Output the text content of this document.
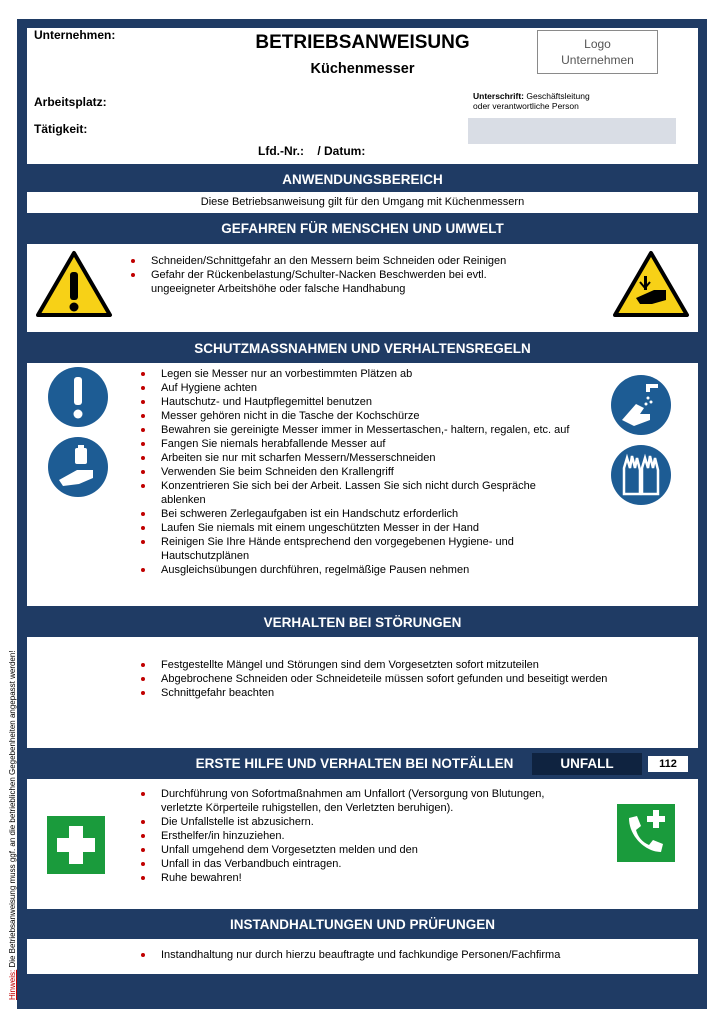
Hinweis: Die Betriebsanweisung muss ggf. an die betrieblichen Gegebenheiten angepasst werden!
Unternehmen:
Arbeitsplatz:
Tätigkeit:
BETRIEBSANWEISUNG
Küchenmesser
Lfd.-Nr.:    / Datum:
Logo
Unternehmen
Unterschrift: Geschäftsleitung
oder verantwortliche Person
ANWENDUNGSBEREICH
Diese Betriebsanweisung gilt für den Umgang mit Küchenmessern
GEFAHREN FÜR MENSCHEN UND UMWELT
Schneiden/Schnittgefahr an den Messern beim Schneiden oder Reinigen
Gefahr der Rückenbelastung/Schulter-Nacken Beschwerden bei evtl. ungeeigneter Arbeitshöhe oder falsche Handhabung
SCHUTZMASSNAHMEN UND VERHALTENSREGELN
Legen sie Messer nur an vorbestimmten Plätzen ab
Auf Hygiene achten
Hautschutz- und Hautpflegemittel benutzen
Messer gehören nicht in die Tasche der Kochschürze
Bewahren sie gereinigte Messer immer in Messertaschen,- haltern, regalen, etc. auf
Fangen Sie niemals herabfallende Messer auf
Arbeiten sie nur mit scharfen Messern/Messerschneiden
Verwenden Sie beim Schneiden den Krallengriff
Konzentrieren Sie sich bei der Arbeit. Lassen Sie sich nicht durch Gespräche ablenken
Bei schweren Zerlegaufgaben ist ein Handschutz erforderlich
Laufen Sie niemals mit einem ungeschützten Messer in der Hand
Reinigen Sie Ihre Hände entsprechend den vorgegebenen Hygiene- und Hautschutzplänen
Ausgleichsübungen durchführen, regelmäßige Pausen nehmen
VERHALTEN BEI STÖRUNGEN
Festgestellte Mängel und Störungen sind dem Vorgesetzten sofort mitzuteilen
Abgebrochene Schneiden oder Schneideteile müssen sofort gefunden und beseitigt werden
Schnittgefahr beachten
ERSTE HILFE UND VERHALTEN BEI NOTFÄLLEN	UNFALL	112
Durchführung von Sofortmaßnahmen am Unfallort (Versorgung von Blutungen, verletzte Körperteile ruhigstellen, den Verletzten beruhigen).
Die Unfallstelle ist abzusichern.
Ersthelfer/in hinzuziehen.
Unfall umgehend dem Vorgesetzten melden und den
Unfall in das Verbandbuch eintragen.
Ruhe bewahren!
INSTANDHALTUNGEN UND PRÜFUNGEN
Instandhaltung nur durch hierzu beauftragte und fachkundige Personen/Fachfirma
